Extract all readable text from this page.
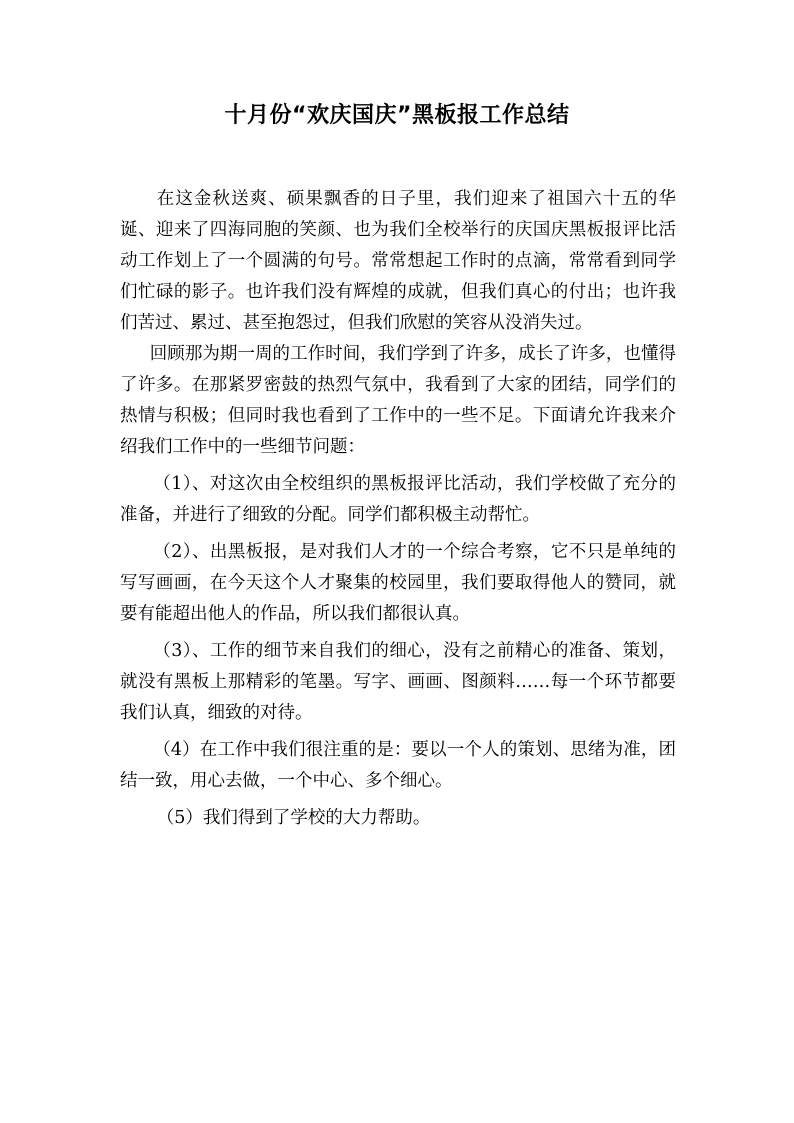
十月份“欢庆国庆”黑板报工作总结

在这金秋送爽、硕果飘香的日子里，我们迎来了祖国六十五的华诞、迎来了四海同胞的笑颜、也为我们全校举行的庆国庆黑板报评比活动工作划上了一个圆满的句号。常常想起工作时的点滴，常常看到同学们忙碌的影子。也许我们没有辉煌的成就，但我们真心的付出；也许我们苦过、累过、甚至抱怨过，但我们欣慰的笑容从没消失过。

回顾那为期一周的工作时间，我们学到了许多，成长了许多，也懂得了许多。在那紧罗密鼓的热烈气氛中，我看到了大家的团结，同学们的热情与积极；但同时我也看到了工作中的一些不足。下面请允许我来介绍我们工作中的一些细节问题：

（1）、对这次由全校组织的黑板报评比活动，我们学校做了充分的准备，并进行了细致的分配。同学们都积极主动帮忙。

（2）、出黑板报，是对我们人才的一个综合考察，它不只是单纯的写写画画，在今天这个人才聚集的校园里，我们要取得他人的赞同，就要有能超出他人的作品，所以我们都很认真。

（3）、工作的细节来自我们的细心，没有之前精心的准备、策划，就没有黑板上那精彩的笔墨。写字、画画、图颜料……每一个环节都要我们认真，细致的对待。

（4）在工作中我们很注重的是：要以一个人的策划、思绪为准，团结一致，用心去做，一个中心、多个细心。

（5）我们得到了学校的大力帮助。
